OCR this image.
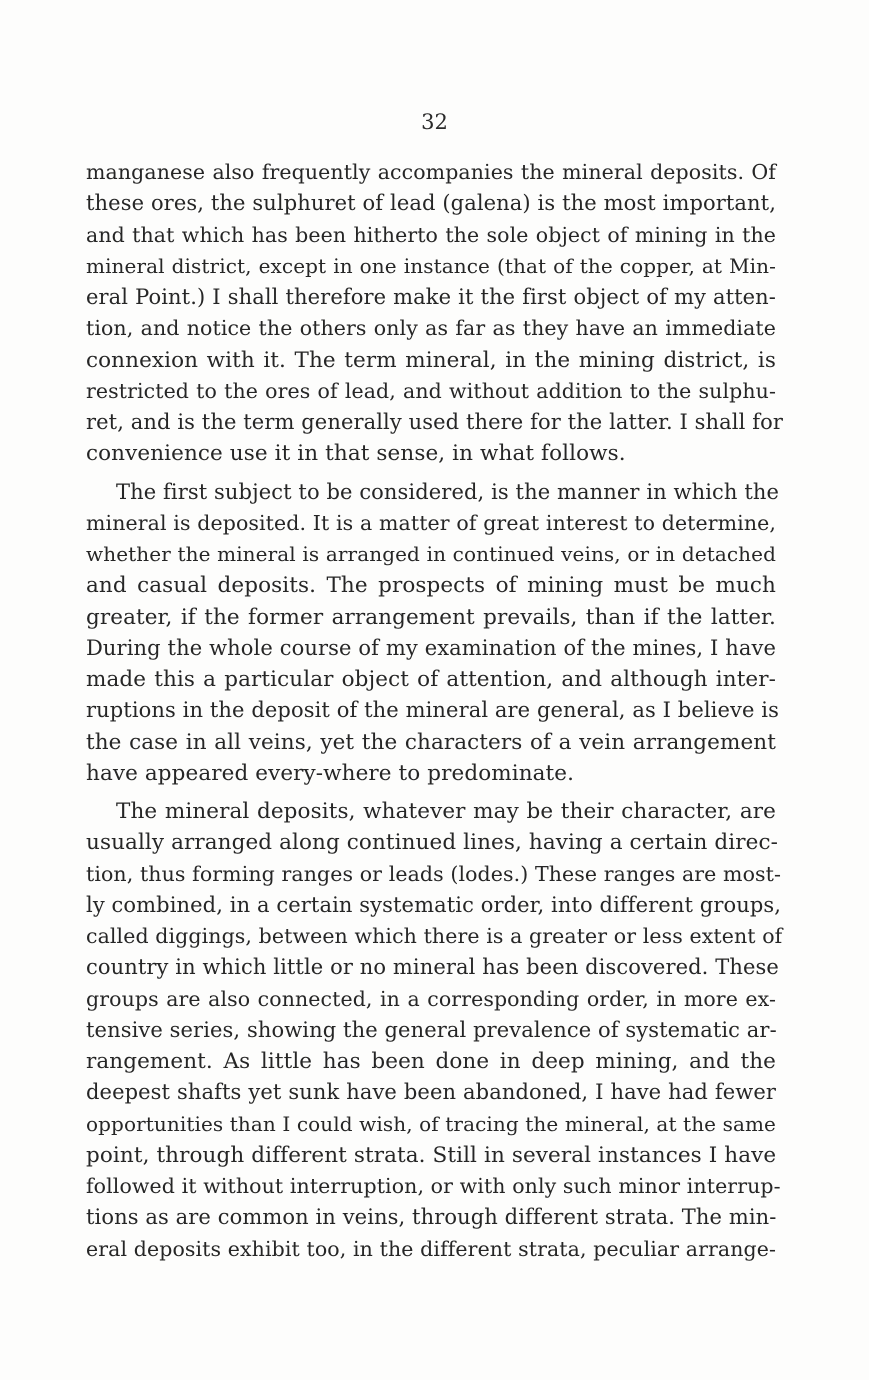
32
manganese also frequently accompanies the mineral deposits. Of
these ores, the sulphuret of lead (galena) is the most important,
and that which has been hitherto the sole object of mining in the
mineral district, except in one instance (that of the copper, at Min-
eral Point.) I shall therefore make it the first object of my atten-
tion, and notice the others only as far as they have an immediate
connexion with it. The term mineral, in the mining district, is
restricted to the ores of lead, and without addition to the sulphu-
ret, and is the term generally used there for the latter. I shall for
convenience use it in that sense, in what follows.
The first subject to be considered, is the manner in which the
mineral is deposited. It is a matter of great interest to determine,
whether the mineral is arranged in continued veins, or in detached
and casual deposits. The prospects of mining must be much
greater, if the former arrangement prevails, than if the latter.
During the whole course of my examination of the mines, I have
made this a particular object of attention, and although inter-
ruptions in the deposit of the mineral are general, as I believe is
the case in all veins, yet the characters of a vein arrangement
have appeared every-where to predominate.
The mineral deposits, whatever may be their character, are
usually arranged along continued lines, having a certain direc-
tion, thus forming ranges or leads (lodes.) These ranges are most-
ly combined, in a certain systematic order, into different groups,
called diggings, between which there is a greater or less extent of
country in which little or no mineral has been discovered. These
groups are also connected, in a corresponding order, in more ex-
tensive series, showing the general prevalence of systematic ar-
rangement. As little has been done in deep mining, and the
deepest shafts yet sunk have been abandoned, I have had fewer
opportunities than I could wish, of tracing the mineral, at the same
point, through different strata. Still in several instances I have
followed it without interruption, or with only such minor interrup-
tions as are common in veins, through different strata. The min-
eral deposits exhibit too, in the different strata, peculiar arrange-
